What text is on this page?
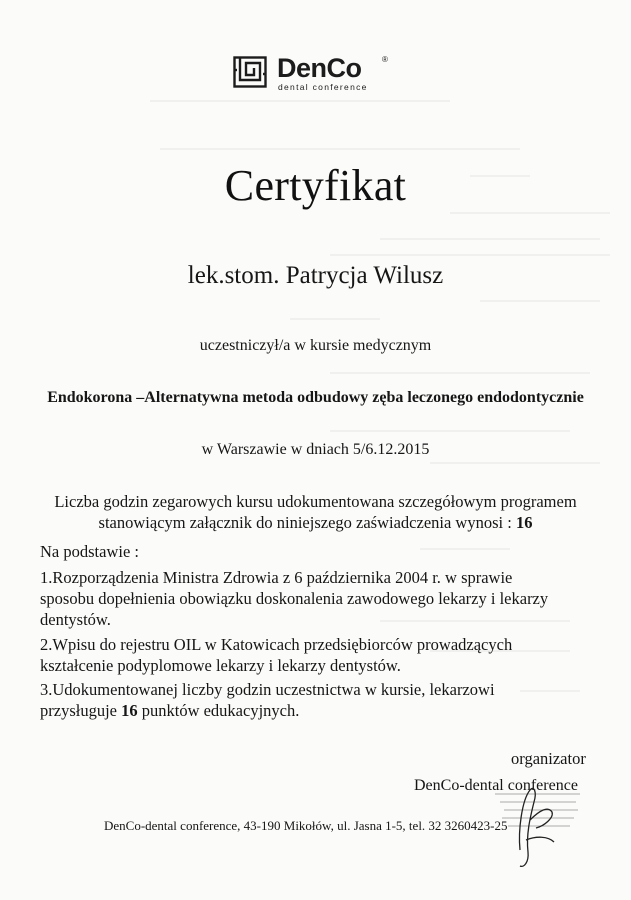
DenCo	®
dental conference
Certyfikat
lek.stom. Patrycja Wilusz
uczestniczył/a w kursie medycznym
Endokorona –Alternatywna metoda odbudowy zęba leczonego endodontycznie
w Warszawie w dniach 5/6.12.2015
Liczba godzin zegarowych kursu udokumentowana szczegółowym programem
stanowiącym załącznik do niniejszego zaświadczenia wynosi : 16
Na podstawie :
1.Rozporządzenia Ministra Zdrowia z 6 października 2004 r. w sprawie
sposobu dopełnienia obowiązku doskonalenia zawodowego lekarzy i lekarzy
dentystów.
2.Wpisu do rejestru OIL w Katowicach przedsiębiorców prowadzących
kształcenie podyplomowe lekarzy i lekarzy dentystów.
3.Udokumentowanej liczby godzin uczestnictwa w kursie, lekarzowi
przysługuje 16 punktów edukacyjnych.
organizator
DenCo-dental conference
DenCo-dental conference, 43-190 Mikołów, ul. Jasna 1-5, tel. 32 3260423-25
